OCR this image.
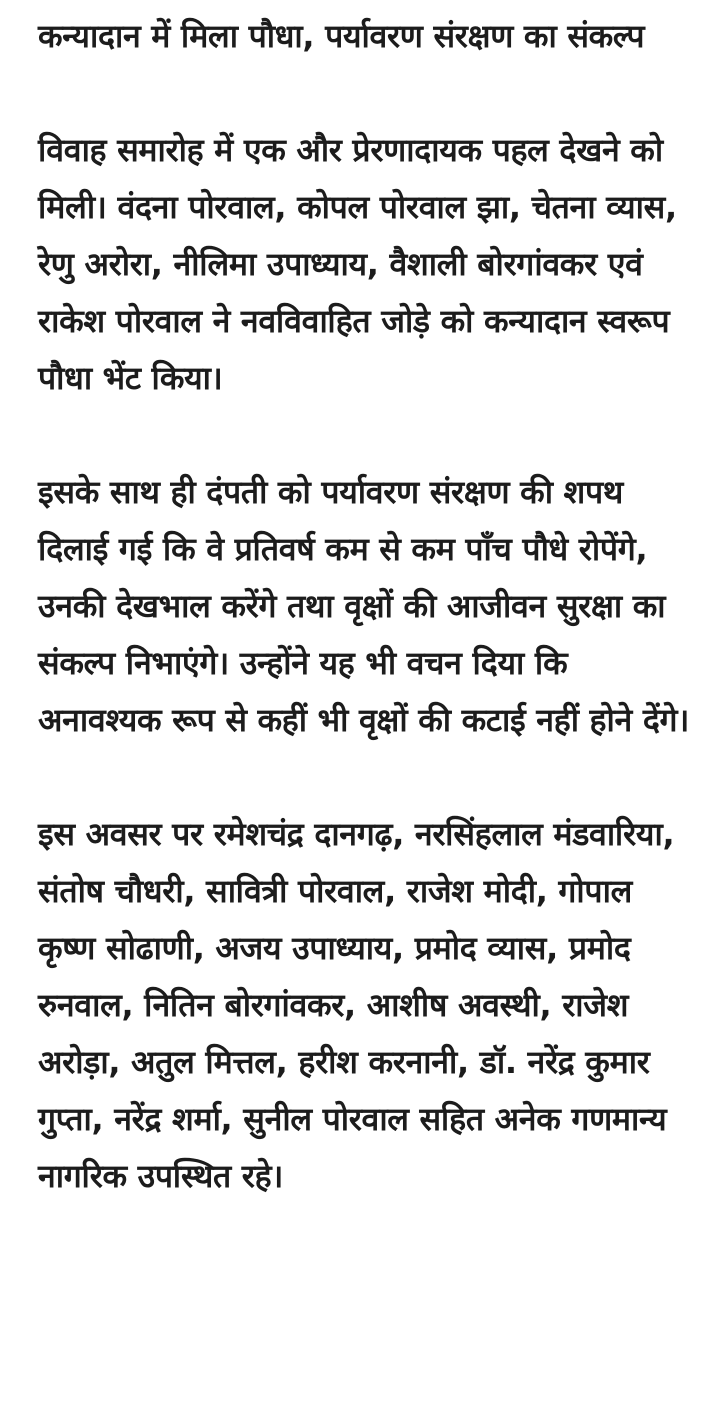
कन्यादान में मिला पौधा, पर्यावरण संरक्षण का संकल्प

विवाह समारोह में एक और प्रेरणादायक पहल देखने को मिली। वंदना पोरवाल, कोपल पोरवाल झा, चेतना व्यास, रेणु अरोरा, नीलिमा उपाध्याय, वैशाली बोरगांवकर एवं राकेश पोरवाल ने नवविवाहित जोड़े को कन्यादान स्वरूप पौधा भेंट किया।

इसके साथ ही दंपती को पर्यावरण संरक्षण की शपथ दिलाई गई कि वे प्रतिवर्ष कम से कम पाँच पौधे रोपेंगे, उनकी देखभाल करेंगे तथा वृक्षों की आजीवन सुरक्षा का संकल्प निभाएंगे। उन्होंने यह भी वचन दिया कि अनावश्यक रूप से कहीं भी वृक्षों की कटाई नहीं होने देंगे।

इस अवसर पर रमेशचंद्र दानगढ़, नरसिंहलाल मंडवारिया, संतोष चौधरी, सावित्री पोरवाल, राजेश मोदी, गोपाल कृष्ण सोढाणी, अजय उपाध्याय, प्रमोद व्यास, प्रमोद रुनवाल, नितिन बोरगांवकर, आशीष अवस्थी, राजेश अरोड़ा, अतुल मित्तल, हरीश करनानी, डॉ. नरेंद्र कुमार गुप्ता, नरेंद्र शर्मा, सुनील पोरवाल सहित अनेक गणमान्य नागरिक उपस्थित रहे।
